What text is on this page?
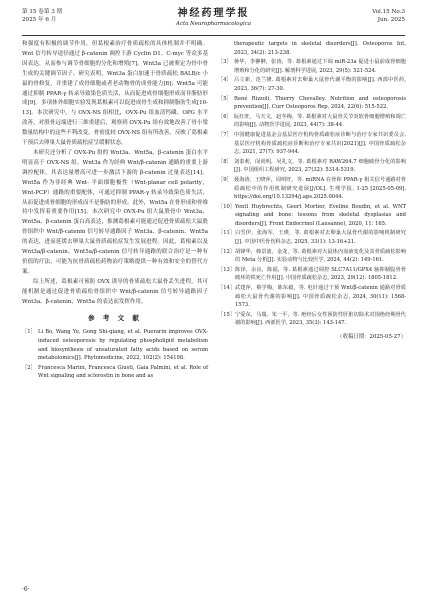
第 15 卷第 3 期
2025 年 6 月
神经药理学报
Acta Neuropharmacologica
Vol.15 No.3
Jun. 2025

和强度有积极的调节作用，但葛根素治疗骨质疏松的具体机制并不明确。Wnt 信号转导途径通过 β-catenin 调控下游 Cyclin D1、C-myc 等众多基因表达，从而参与调节骨细胞的分化和增殖[7]。Wnt3a 已被鉴定为骨中骨生成的关键调节因子。研究表明，Wnt3a 蛋白加速于骨质疏松 BALB/c 小鼠的骨修复，并重建了成骨细胞或者老动物骨的成骨能力[8]；Wnt5a 可能通过抑制 PPAR-γ 转录导致染色质失活，从而促进成骨细胞形成而非脂肪形成[9]。多项体外细胞实验发现葛根素可以促进成骨生成和抑制脂肪生成[10-13]。本次研究中，与 OVX-NS 组相比，OVX-Pu 组血清钙磷、OPG 水平改善，对股骨远端进行三维重建后，观察到 OVX-Pu 组有效地改善了骨小梁数量结构中的这些不利改变，骨密度较 OVX-NS 组有所改善，反映了葛根素干预后去卵巢大鼠骨质疏松症呈缓解状态。

本研究还分析了 OVX-Pu 组的 Wnt3a、Wnt5a、β-catenin 蛋白水平明显高于 OVX-NS 组。Wnt3a 作为经典 Wnt/β-catenin 通路的重要上游调控配体，其表达量增高可进一步激活下游的 β-catenin 过量表达[14]。Wnt5a 作为非经典 Wnt- 平面细胞极性（Wnt-planar cell polarity，Wnt-PCP）通路的重要配体，可通过抑制 PPAR-γ 转录导致染色质失活，从而促进成骨细胞的形成而不是脂肪的形成。此外，Wnt5a 在骨形成和骨维持中发挥着重要作用[15]。本次研究中 OVX-Pu 组大鼠股骨中 Wnt3a、Wnt5a、β-catenin 蛋白高表达，推测葛根素可能通过促进骨质疏松大鼠股骨组织中 Wnt/β-catenin 信号转导通路因子 Wnt3a、β-catenin、Wnt5a 的表达，进而延缓去卵巢大鼠骨质疏松症发生发展进程。因此，葛根素以及 Wnt3a/β-catenin、Wnt5a/β-catenin 信号转导通路的联合治疗是一种有价值的疗法，可能为抗骨质疏松药物治疗策略提供一种有效和安全的替代方案。

综上所述，葛根素可预防 OVX 诱导的骨质疏松大鼠骨丢失进程，其可能机制是通过促进骨质疏松骨组织中 Wnt/β-catenin 信号转导通路因子 Wnt3a、β-catenin、Wnt5a 的表达而发挥作用。

参 考 文 献
［1］ Li Bo, Wang Yu, Gong Shi-qiang, et al. Puerarin improves OVX-induced osteoporosis by regulating phospholipid metabolism and biosynthesis of unsaturated fatty acids based on serum metabolomics[J]. Phytomedicine, 2022, 102(2): 154198.
［2］ Francesca Marini, Francesca Giusti, Gaia Palmini, et al. Role of Wnt signaling and sclerostin in bone and as
therapeutic targets in skeletal disorders[J]. Osteoporos Int, 2023, 34(2): 213-238.
［3］ 蒋华，李翀翀，张涛，等. 葛根素通过下调 miR-23a 促进小鼠前成骨细胞增殖和分化的研究[J]. 解剖科学进展, 2023, 29(5): 521-524.
［4］ 吕立新，范兰隆. 葛根素对去卵巢大鼠骨代谢平衡的影响[J]. 西部中医药, 2023, 36(7): 27-30.
［5］ René Rizzoli, Thierry Chevalley. Nutrition and osteoporosis prevention[J]. Curr Osteoporos Rep, 2024, 22(6): 515-522.
［6］ 阮红旺，马天文，赵冬梅，等. 葛根素对大鼠骨关节炎软骨细胞增殖和凋亡的影响[J]. 动物医学进展, 2023, 44(7): 38-44.
［7］ 中国健康促进基金会基层医疗机构骨质疏松症诊断与治疗专家共识委员会. 基层医疗机构骨质疏松症诊断和治疗专家共识(2021)[J]. 中国骨质疏松杂志, 2021, 27(7): 937-944.
［8］ 刘泰莉，闵尚明，吴礼文，等. 葛根素对 RAW264.7 细胞破骨分化的影响[J]. 中国组织工程研究, 2023, 27(32): 5314-5319.
［9］ 聂海涛，王晓萍，周明旺，等. miRNA 在骨和 PPAR-γ 相关信号通路对骨质疏松中的作用机制研究进展[J/OL]. 生理学报, 1-25 [2025-05-09]. https://doi.org/10.13294/j.aps.2025.0044.
［10］ Yentl Huybrechts, Geert Mortier, Eveline Boudin, et al. WNT signaling and bone: lessons from skeletal dysplasias and disorders[J]. Front Endocrinol (Lausanne), 2020, 11: 165.
［11］ 白雪伊，张海军，王瑛，等. 葛根素对去卵巢大鼠骨代谢的影响机制研究[J]. 中国中医骨伤科杂志, 2025, 33(1): 13-16+21.
［12］ 胡锋华，韩景波，金龙，等. 葛根素对大鼠体内血液变化及其骨质疏松影响的 Meta 分析[J]. 实验动物与比较医学, 2024, 44(2): 149-161.
［13］ 陈泽，余良，陈福，等. 葛根素通过调控 SLC7A11/GPX4 轴抑制股骨骨破坏的铁死亡作用[J]. 中国骨质疏松杂志, 2023, 29(12): 1805-1812.
［14］ 武建萍，蔡学梅，陈东毅，等. 电针通过干预 Wnt/β-catenin 通路对骨质疏松大鼠骨代谢的影响[J]. 中国骨质疏松杂志, 2024, 30(11): 1568-1573.
［15］ 宁爱东，马瑞，朱一平，等. 绝经后女性预防性肝脏切除术对围绝经期骨代谢的影响[J]. 西部医学, 2023, 35(3): 143-147.
（收稿日期：2025-05-27）
·6·
